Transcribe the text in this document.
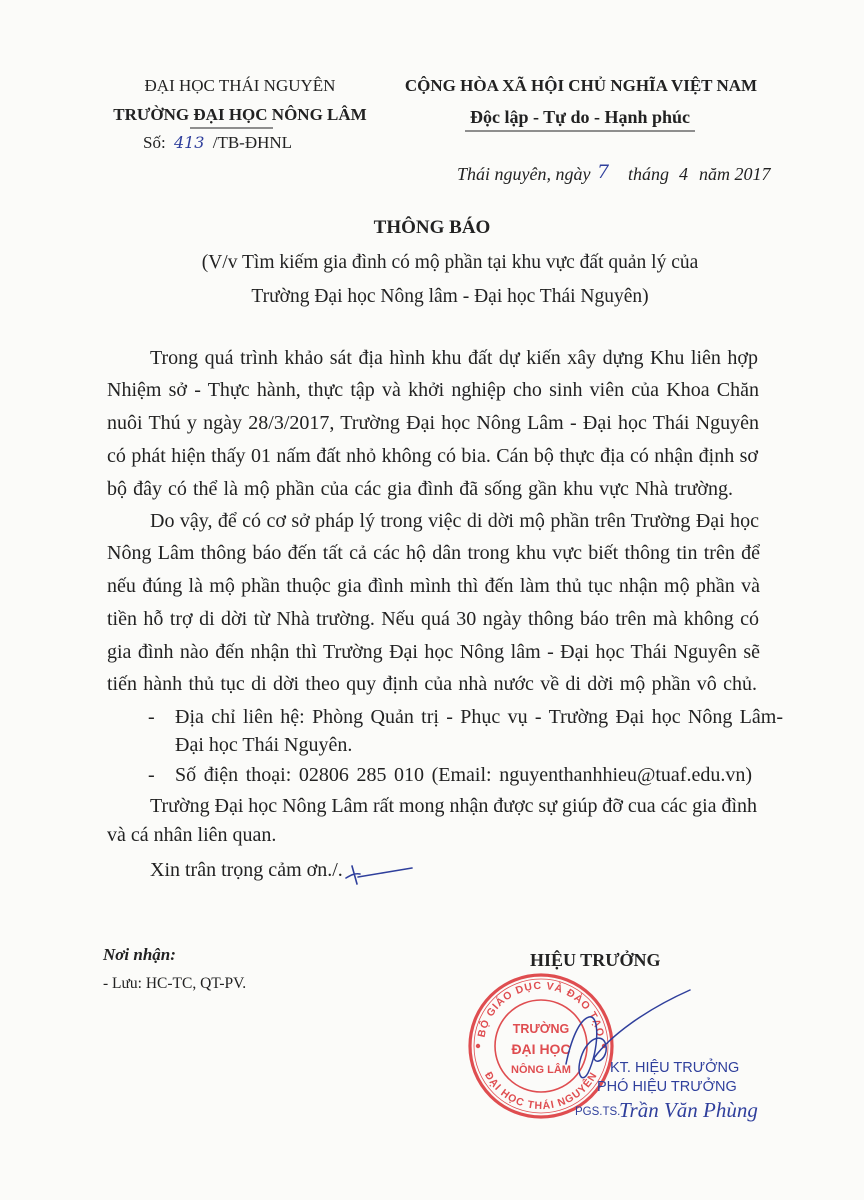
ĐẠI HỌC THÁI NGUYÊN
TRƯỜNG ĐẠI HỌC NÔNG LÂM
Số: 413 /TB-ĐHNL
CỘNG HÒA XÃ HỘI CHỦ NGHĨA VIỆT NAM
Độc lập - Tự do - Hạnh phúc
Thái nguyên, ngày 7 tháng 4 năm 2017
THÔNG BÁO
(V/v Tìm kiếm gia đình có mộ phần tại khu vực đất quản lý của
Trường Đại học Nông lâm - Đại học Thái Nguyên)
Trong quá trình khảo sát địa hình khu đất dự kiến xây dựng Khu liên hợp
Nhiệm sở - Thực hành, thực tập và khởi nghiệp cho sinh viên của Khoa Chăn
nuôi Thú y ngày 28/3/2017, Trường Đại học Nông Lâm - Đại học Thái Nguyên
có phát hiện thấy 01 nấm đất nhỏ không có bia. Cán bộ thực địa có nhận định sơ
bộ đây có thể là mộ phần của các gia đình đã sống gần khu vực Nhà trường.
Do vậy, để có cơ sở pháp lý trong việc di dời mộ phần trên Trường Đại học
Nông Lâm thông báo đến tất cả các hộ dân trong khu vực biết thông tin trên để
nếu đúng là mộ phần thuộc gia đình mình thì đến làm thủ tục nhận mộ phần và
tiền hỗ trợ di dời từ Nhà trường. Nếu quá 30 ngày thông báo trên mà không có
gia đình nào đến nhận thì Trường Đại học Nông lâm - Đại học Thái Nguyên sẽ
tiến hành thủ tục di dời theo quy định của nhà nước về di dời mộ phần vô chủ.
- Địa chỉ liên hệ: Phòng Quản trị - Phục vụ - Trường Đại học Nông Lâm-
Đại học Thái Nguyên.
- Số điện thoại: 02806 285 010 (Email: nguyenthanhhieu@tuaf.edu.vn)
Trường Đại học Nông Lâm rất mong nhận được sự giúp đỡ cua các gia đình
và cá nhân liên quan.
Xin trân trọng cảm ơn./.
Nơi nhận:
- Lưu: HC-TC, QT-PV.
HIỆU TRƯỞNG
KT. HIỆU TRƯỞNG
PHÓ HIỆU TRƯỞNG
PGS.TS.
Trần Văn Phùng
BỘ GIÁO DỤC VÀ ĐÀO TẠO
ĐẠI HỌC THÁI NGUYÊN
TRƯỜNG
ĐẠI HỌC
NÔNG LÂM
